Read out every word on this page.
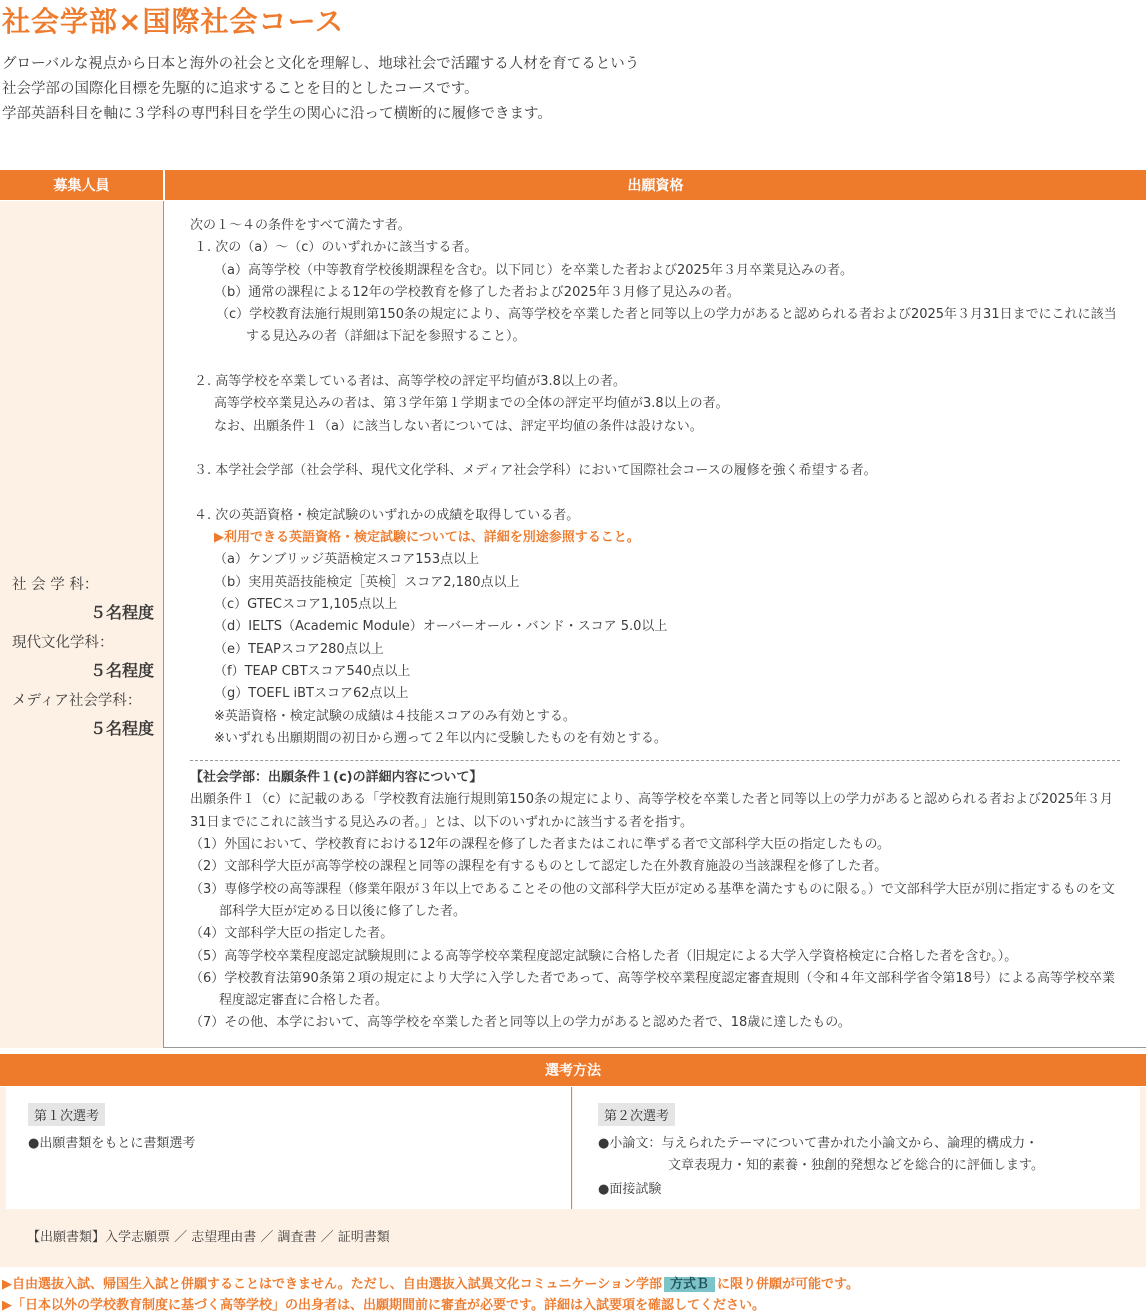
社会学部×国際社会コース

グローバルな視点から日本と海外の社会と文化を理解し、地球社会で活躍する人材を育てるという

社会学部の国際化目標を先駆的に追求することを目的としたコースです。

学部英語科目を軸に３学科の専門科目を学生の関心に沿って横断的に履修できます。

募集人員	出願資格
社 会 学 科：
５名程度
現代文化学科：
５名程度
メディア社会学科：
５名程度

次の１～４の条件をすべて満たす者。

１. 次の（a）～（c）のいずれかに該当する者。

（a）高等学校（中等教育学校後期課程を含む。以下同じ）を卒業した者および2025年３月卒業見込みの者。

（b）通常の課程による12年の学校教育を修了した者および2025年３月修了見込みの者。

（c）学校教育法施行規則第150条の規定により、高等学校を卒業した者と同等以上の学力があると認められる者および2025年３月31日までにこれに該当する見込みの者（詳細は下記を参照すること）。

２. 高等学校を卒業している者は、高等学校の評定平均値が3.8以上の者。

高等学校卒業見込みの者は、第３学年第１学期までの全体の評定平均値が3.8以上の者。

なお、出願条件１（a）に該当しない者については、評定平均値の条件は設けない。

３. 本学社会学部（社会学科、現代文化学科、メディア社会学科）において国際社会コースの履修を強く希望する者。

４. 次の英語資格・検定試験のいずれかの成績を取得している者。

▶利用できる英語資格・検定試験については、詳細を別途参照すること。

（a）ケンブリッジ英語検定スコア153点以上

（b）実用英語技能検定［英検］スコア2,180点以上

（c）GTECスコア1,105点以上

（d）IELTS（Academic Module）オーバーオール・バンド・スコア 5.0以上

（e）TEAPスコア280点以上

（f）TEAP CBTスコア540点以上

（g）TOEFL iBTスコア62点以上

※英語資格・検定試験の成績は４技能スコアのみ有効とする。

※いずれも出願期間の初日から遡って２年以内に受験したものを有効とする。

【社会学部：出願条件１(c)の詳細内容について】

出願条件１（c）に記載のある「学校教育法施行規則第150条の規定により、高等学校を卒業した者と同等以上の学力があると認められる者および2025年３月31日までにこれに該当する見込みの者。」とは、以下のいずれかに該当する者を指す。

（1）外国において、学校教育における12年の課程を修了した者またはこれに準ずる者で文部科学大臣の指定したもの。

（2）文部科学大臣が高等学校の課程と同等の課程を有するものとして認定した在外教育施設の当該課程を修了した者。

（3）専修学校の高等課程（修業年限が３年以上であることその他の文部科学大臣が定める基準を満たすものに限る。）で文部科学大臣が別に指定するものを文部科学大臣が定める日以後に修了した者。

（4）文部科学大臣の指定した者。

（5）高等学校卒業程度認定試験規則による高等学校卒業程度認定試験に合格した者（旧規定による大学入学資格検定に合格した者を含む。）。

（6）学校教育法第90条第２項の規定により大学に入学した者であって、高等学校卒業程度認定審査規則（令和４年文部科学省令第18号）による高等学校卒業程度認定審査に合格した者。

（7）その他、本学において、高等学校を卒業した者と同等以上の学力があると認めた者で、18歳に達したもの。

選考方法
第１次選考
●出願書類をもとに書類選考
第２次選考
●小論文：与えられたテーマについて書かれた小論文から、論理的構成力・
文章表現力・知的素養・独創的発想などを総合的に評価します。
●面接試験
【出願書類】入学志願票 ／ 志望理由書 ／ 調査書 ／ 証明書類

▶自由選抜入試、帰国生入試と併願することはできません。ただし、自由選抜入試異文化コミュニケーション学部 方式Ｂ に限り併願が可能です。

▶「日本以外の学校教育制度に基づく高等学校」の出身者は、出願期間前に審査が必要です。詳細は入試要項を確認してください。
